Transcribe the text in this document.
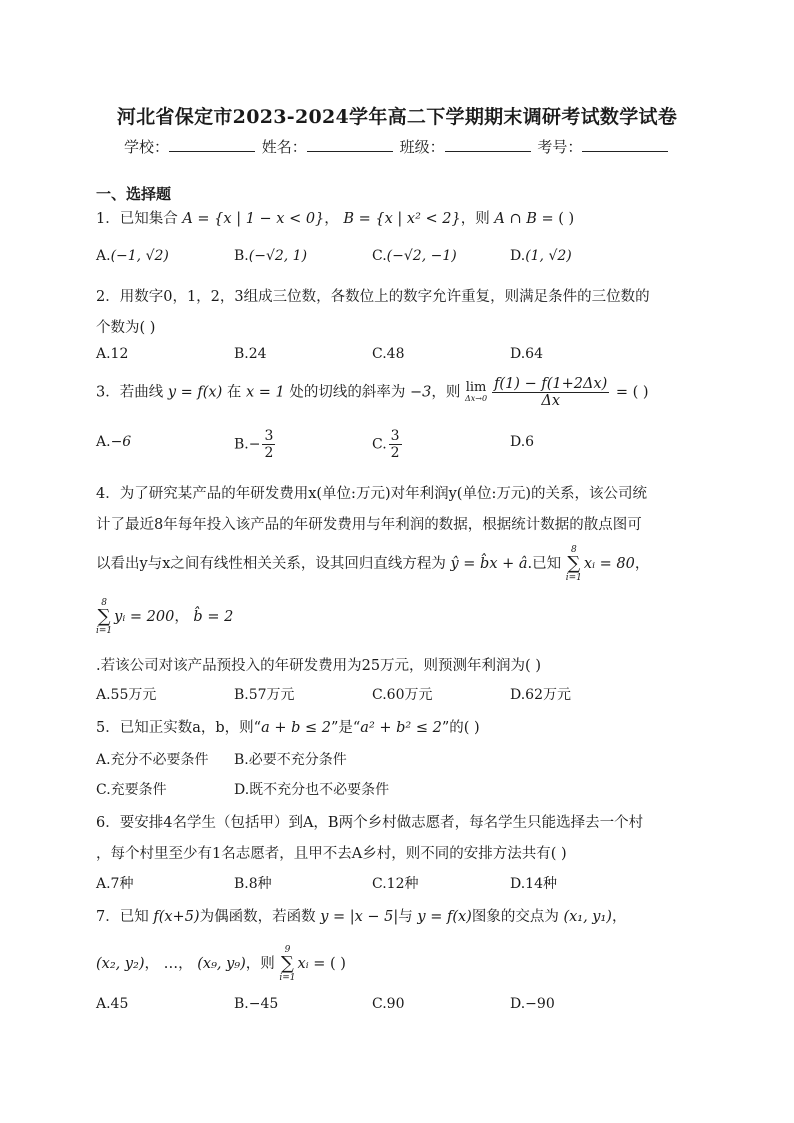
河北省保定市2023-2024学年高二下学期期末调研考试数学试卷
学校：	姓名：	班级：	考号：
一、选择题
1．已知集合 A = {x | 1 − x < 0}， B = {x | x² < 2}，则 A ∩ B = ( )
A.(−1, √2)	B.(−√2, 1)	C.(−√2, −1)	D.(1, √2)
2．用数字0，1，2，3组成三位数，各数位上的数字允许重复，则满足条件的三位数的
个数为( )
A.12	B.24	C.48	D.64
3．若曲线 y = f(x) 在 x = 1 处的切线的斜率为 −3，则 lim
$\Delta x\to 0 \frac{f(1) - f(1+2\Delta x)}{\Delta x}$ = ( )
A.−6	$B.- \frac{3}{2}$	C. $\frac{3}{2}$	D.6
4．为了研究某产品的年研发费用x(单位:万元)对年利润y(单位:万元)的关系，该公司统
计了最近8年每年投入该产品的年研发费用与年利润的数据，根据统计数据的散点图可
以看出y与x之间有线性相关关系，设其回归直线方程为 ŷ = b̂x + â.已知
8
∑
i=1
xᵢ = 80，
8
∑
i=1
yᵢ = 200， b̂ = 2
.若该公司对该产品预投入的年研发费用为25万元，则预测年利润为( )
A.55万元	B.57万元	C.60万元	D.62万元
5．已知正实数a，b，则“a + b ≤ 2”是“a² + b² ≤ 2”的( )
A.充分不必要条件 B.必要不充分条件
C.充要条件	D.既不充分也不必要条件
6．要安排4名学生（包括甲）到A，B两个乡村做志愿者，每名学生只能选择去一个村
，每个村里至少有1名志愿者，且甲不去A乡村，则不同的安排方法共有( )
A.7种	B.8种	C.12种	D.14种
7．已知 f(x+5)为偶函数，若函数 y = |x − 5|与 y = f(x)图象的交点为 (x₁, y₁)，
(x₂, y₂)， …， (x₉, y₉)，则
9
∑
i=1
xᵢ = ( )
A.45	B.−45	C.90	D.−90
